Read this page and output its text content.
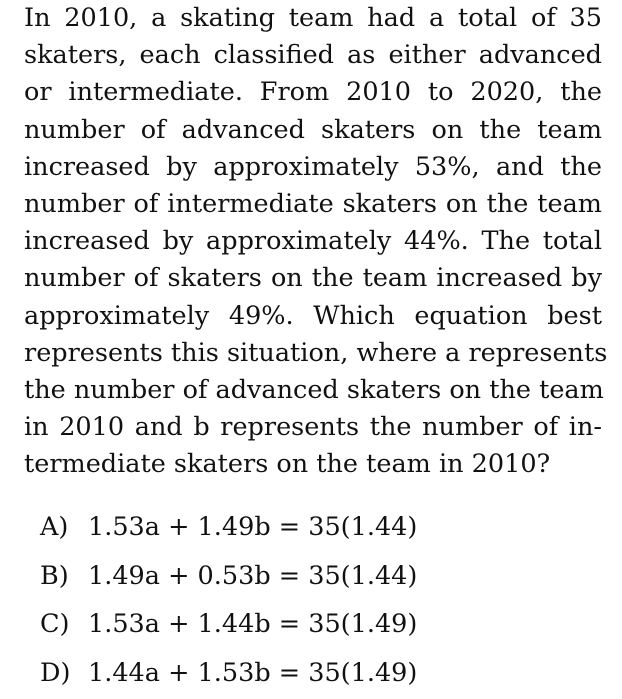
In 2010, a skating team had a total of 35
skaters, each classified as either advanced
or intermediate. From 2010 to 2020, the
number of advanced skaters on the team
increased by approximately 53%, and the
number of intermediate skaters on the team
increased by approximately 44%. The total
number of skaters on the team increased by
approximately 49%. Which equation best
represents this situation, where a represents
the number of advanced skaters on the team
in 2010 and b represents the number of in-
termediate skaters on the team in 2010?
A) 1.53a + 1.49b = 35(1.44)
B) 1.49a + 0.53b = 35(1.44)
C) 1.53a + 1.44b = 35(1.49)
D) 1.44a + 1.53b = 35(1.49)
